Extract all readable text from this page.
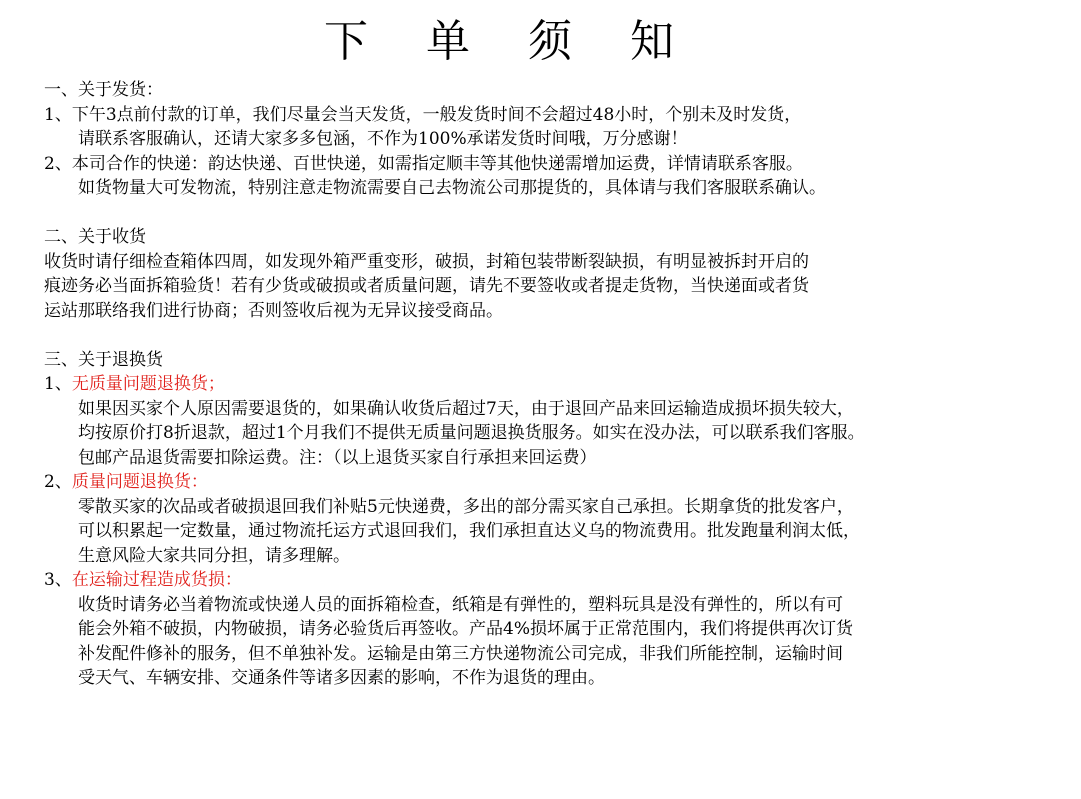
下 单 须 知
一、关于发货：
1、下午3点前付款的订单，我们尽量会当天发货，一般发货时间不会超过48小时，个别未及时发货，
请联系客服确认，还请大家多多包涵，不作为100%承诺发货时间哦，万分感谢！
2、本司合作的快递：韵达快递、百世快递，如需指定顺丰等其他快递需增加运费，详情请联系客服。
如货物量大可发物流，特别注意走物流需要自己去物流公司那提货的，具体请与我们客服联系确认。
二、关于收货
收货时请仔细检查箱体四周，如发现外箱严重变形，破损，封箱包装带断裂缺损，有明显被拆封开启的
痕迹务必当面拆箱验货！若有少货或破损或者质量问题，请先不要签收或者提走货物，当快递面或者货
运站那联络我们进行协商；否则签收后视为无异议接受商品。
三、关于退换货
1、无质量问题退换货；
如果因买家个人原因需要退货的，如果确认收货后超过7天，由于退回产品来回运输造成损坏损失较大，
均按原价打8折退款，超过1个月我们不提供无质量问题退换货服务。如实在没办法，可以联系我们客服。
包邮产品退货需要扣除运费。注：（以上退货买家自行承担来回运费）
2、质量问题退换货：
零散买家的次品或者破损退回我们补贴5元快递费，多出的部分需买家自己承担。长期拿货的批发客户，
可以积累起一定数量，通过物流托运方式退回我们，我们承担直达义乌的物流费用。批发跑量利润太低，
生意风险大家共同分担，请多理解。
3、在运输过程造成货损：
收货时请务必当着物流或快递人员的面拆箱检查，纸箱是有弹性的，塑料玩具是没有弹性的，所以有可
能会外箱不破损，内物破损，请务必验货后再签收。产品4%损坏属于正常范围内，我们将提供再次订货
补发配件修补的服务，但不单独补发。运输是由第三方快递物流公司完成，非我们所能控制，运输时间
受天气、车辆安排、交通条件等诸多因素的影响，不作为退货的理由。
